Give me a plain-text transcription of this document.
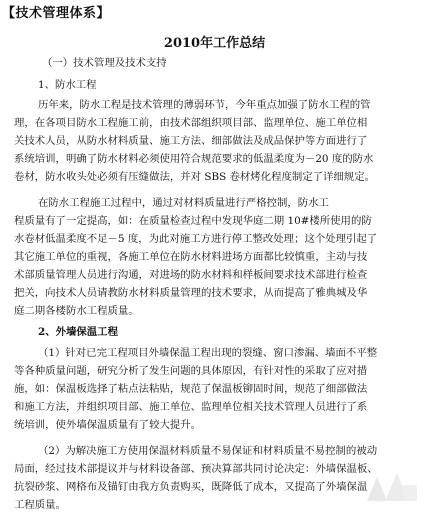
【技术管理体系】
2010年工作总结
（一）技术管理及技术支持
1、防水工程
历年来，防水工程是技术管理的薄弱环节，今年重点加强了防水工程的管
理，在各项目防水工程施工前，由技术部组织项目部、监理单位、施工单位相
关技术人员，从防水材料质量、施工方法、细部做法及成品保护等方面进行了
系统培训，明确了防水材料必须使用符合规范要求的低温柔度为－20 度的防水
卷材，防水收头处必须有压缝做法，并对 SBS 卷材烤化程度制定了详细规定。
在防水工程施工过程中，通过对材料质量进行严格控制，防水工
程质量有了一定提高，如：在质量检查过程中发现华庭二期 10#楼所使用的防
水卷材低温柔度不足－5 度，为此对施工方进行停工整改处理；这个处理引起了
其它施工单位的重视，各施工单位在防水材料进场方面都比较慎重，主动与技
术部质量管理人员进行沟通，对进场的防水材料和样板间要求技术部进行检查
把关，向技术人员请教防水材料质量管理的技术要求，从而提高了雅典城及华
庭二期各楼防水工程质量。
2、外墙保温工程
（1）针对已完工程项目外墙保温工程出现的裂缝、窗口渗漏、墙面不平整
等各种质量问题，研究分析了发生问题的具体原因，有针对性的采取了应对措
施，如：保温板选择了粘点法粘贴，规范了保温板铆固时间，规范了细部做法
和施工方法，并组织项目部、施工单位、监理单位相关技术管理人员进行了系
统培训，使外墙保温质量有了较大提升。
（2）为解决施工方使用保温材料质量不易保证和材料质量不易控制的被动
局面，经过技术部提议并与材料设备部、预决算部共同讨论决定：外墙保温板、
抗裂砂浆、网格布及锚钉由我方负责购买，既降低了成本，又提高了外墙保温
工程质量。
